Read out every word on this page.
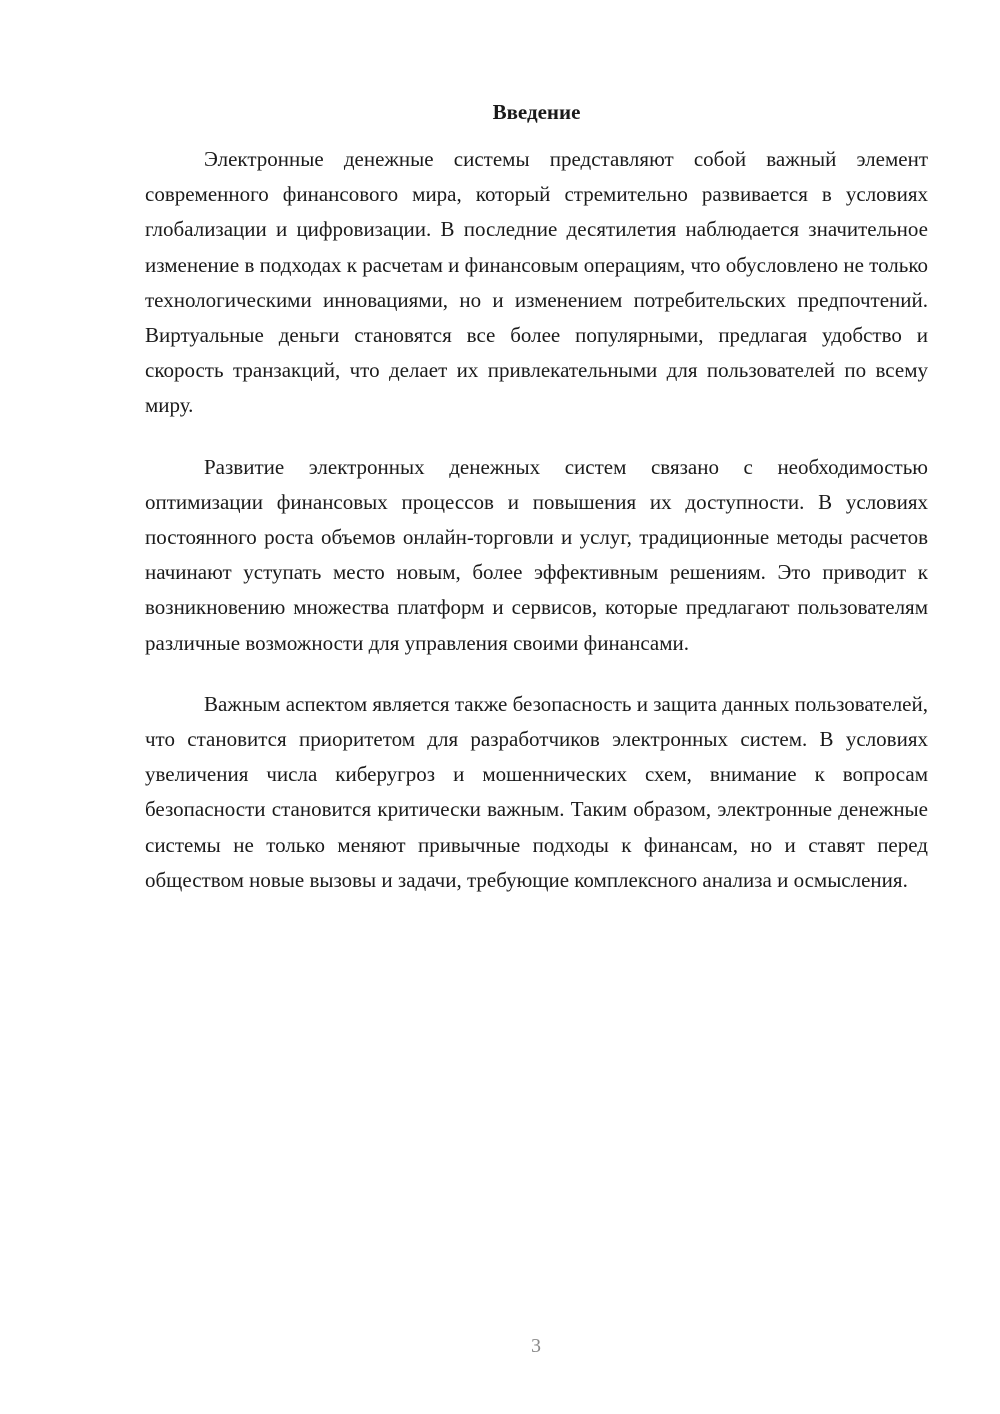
Введение

Электронные денежные системы представляют собой важный элемент современного финансового мира, который стремительно развивается в условиях глобализации и цифровизации. В последние десятилетия наблюдается значительное изменение в подходах к расчетам и финансовым операциям, что обусловлено не только технологическими инновациями, но и изменением потребительских предпочтений. Виртуальные деньги становятся все более популярными, предлагая удобство и скорость транзакций, что делает их привлекательными для пользователей по всему миру.

Развитие электронных денежных систем связано с необходимостью оптимизации финансовых процессов и повышения их доступности. В условиях постоянного роста объемов онлайн-торговли и услуг, традиционные методы расчетов начинают уступать место новым, более эффективным решениям. Это приводит к возникновению множества платформ и сервисов, которые предлагают пользователям различные возможности для управления своими финансами.

Важным аспектом является также безопасность и защита данных пользователей, что становится приоритетом для разработчиков электронных систем. В условиях увеличения числа киберугроз и мошеннических схем, внимание к вопросам безопасности становится критически важным. Таким образом, электронные денежные системы не только меняют привычные подходы к финансам, но и ставят перед обществом новые вызовы и задачи, требующие комплексного анализа и осмысления.

3
